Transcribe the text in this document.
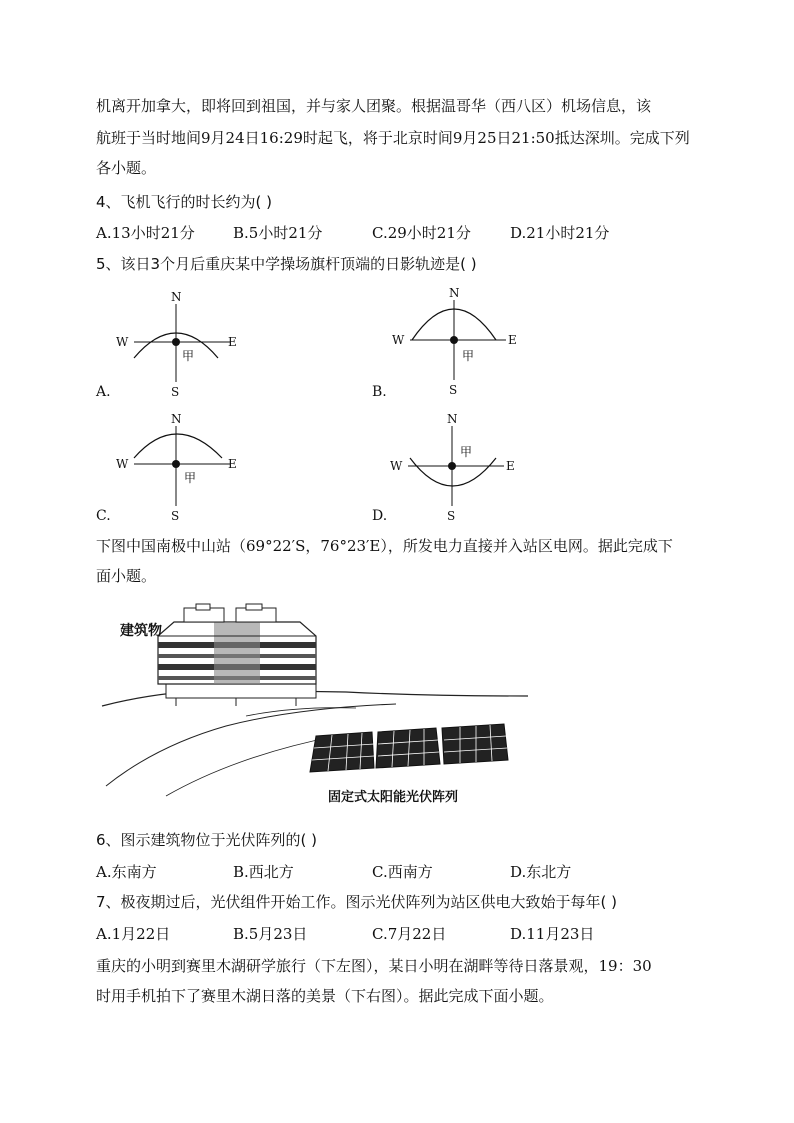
机离开加拿大，即将回到祖国，并与家人团聚。根据温哥华（西八区）机场信息，该
航班于当时地间9月24日16:29时起飞，将于北京时间9月25日21:50抵达深圳。完成下列
各小题。
4、飞机飞行的时长约为( )
A.13小时21分	B.5小时21分	C.29小时21分	D.21小时21分
5、该日3个月后重庆某中学操场旗杆顶端的日影轨迹是( )
N
S
W	E
甲
A.
N
S
W	E
甲
B.
N
S
W	E
甲
C.
N
S
W	E
甲
D.
下图中国南极中山站（69°22′S，76°23′E），所发电力直接并入站区电网。据此完成下
面小题。
建筑物
固定式太阳能光伏阵列
6、图示建筑物位于光伏阵列的( )
A.东南方	B.西北方	C.西南方	D.东北方
7、极夜期过后，光伏组件开始工作。图示光伏阵列为站区供电大致始于每年( )
A.1月22日	B.5月23日	C.7月22日	D.11月23日
重庆的小明到赛里木湖研学旅行（下左图），某日小明在湖畔等待日落景观，19：30
时用手机拍下了赛里木湖日落的美景（下右图）。据此完成下面小题。
